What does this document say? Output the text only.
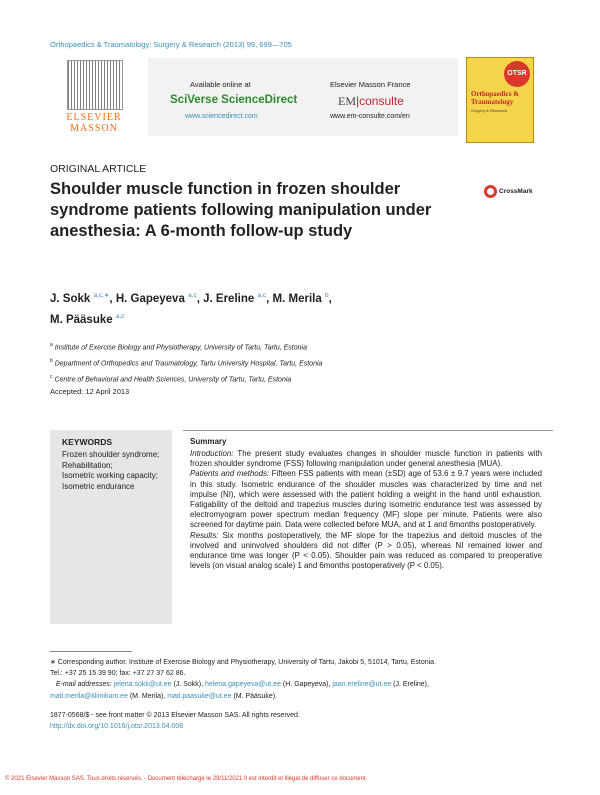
Orthopaedics & Traumatology: Surgery & Research (2013) 99, 699—705
ELSEVIER MASSON
Available online at
SciVerse ScienceDirect
www.sciencedirect.com
Elsevier Masson France
EM|consulte
www.em-consulte.com/en
OTSR
Orthopaedics & Traumatology
Surgery & Research
ORIGINAL ARTICLE
Shoulder muscle function in frozen shoulder syndrome patients following manipulation under anesthesia: A 6-month follow-up study
CrossMark
J. Sokk $^{a,c,∗}$, H. Gapeyeva $^{a,c}$, J. Ereline $^{a,c}$, M. Merila $^b$,
M. Pääsuke $^{a,c}$
$^a$ Institute of Exercise Biology and Physiotherapy, University of Tartu, Tartu, Estonia
$^b$ Department of Orthopedics and Traumatology, Tartu University Hospital, Tartu, Estonia
$^c$ Centre of Behavioral and Health Sciences, University of Tartu, Tartu, Estonia
Accepted: 12 April 2013
KEYWORDS
Frozen shoulder syndrome;
Rehabilitation;
Isometric working capacity;
Isometric endurance
Summary

Introduction: The present study evaluates changes in shoulder muscle function in patients with frozen shoulder syndrome (FSS) following manipulation under general anesthesia (MUA).

Patients and methods: Fifteen FSS patients with mean (±SD) age of 53.6 ± 9.7 years were included in this study. Isometric endurance of the shoulder muscles was characterized by time and net impulse (NI), which were assessed with the patient holding a weight in the hand until exhaustion. Fatigability of the deltoid and trapezius muscles during isometric endurance test was assessed by electromyogram power spectrum median frequency (MF) slope per minute. Patients were also screened for daytime pain. Data were collected before MUA, and at 1 and 6months postoperatively.

Results: Six months postoperatively, the MF slope for the trapezius and deltoid muscles of the involved and uninvolved shoulders did not differ (P > 0.05), whereas NI remained lower and endurance time was longer (P < 0.05). Shoulder pain was reduced as compared to preoperative levels (on visual analog scale) 1 and 6months postoperatively (P < 0.05).

∗ Corresponding author. Institute of Exercise Biology and Physiotherapy, University of Tartu, Jakobi 5, 51014, Tartu, Estonia.
Tel.: +37 25 15 39 90; fax: +37 27 37 62 86.
E-mail addresses: jelena.sokk@ut.ee (J. Sokk), helena.gapeyeva@ut.ee (H. Gapeyeva), jaan.ereline@ut.ee (J. Ereline),
mati.merila@kliinikum.ee (M. Merila), mati.paasuke@ut.ee (M. Pääsuke).
1877-0568/$ - see front matter © 2013 Elsevier Masson SAS. All rights reserved.
http://dx.doi.org/10.1016/j.otsr.2013.04.008
© 2021 Elsevier Masson SAS. Tous droits réservés. - Document téléchargé le 29/11/2021 Il est interdit et illégal de diffuser ce document.
